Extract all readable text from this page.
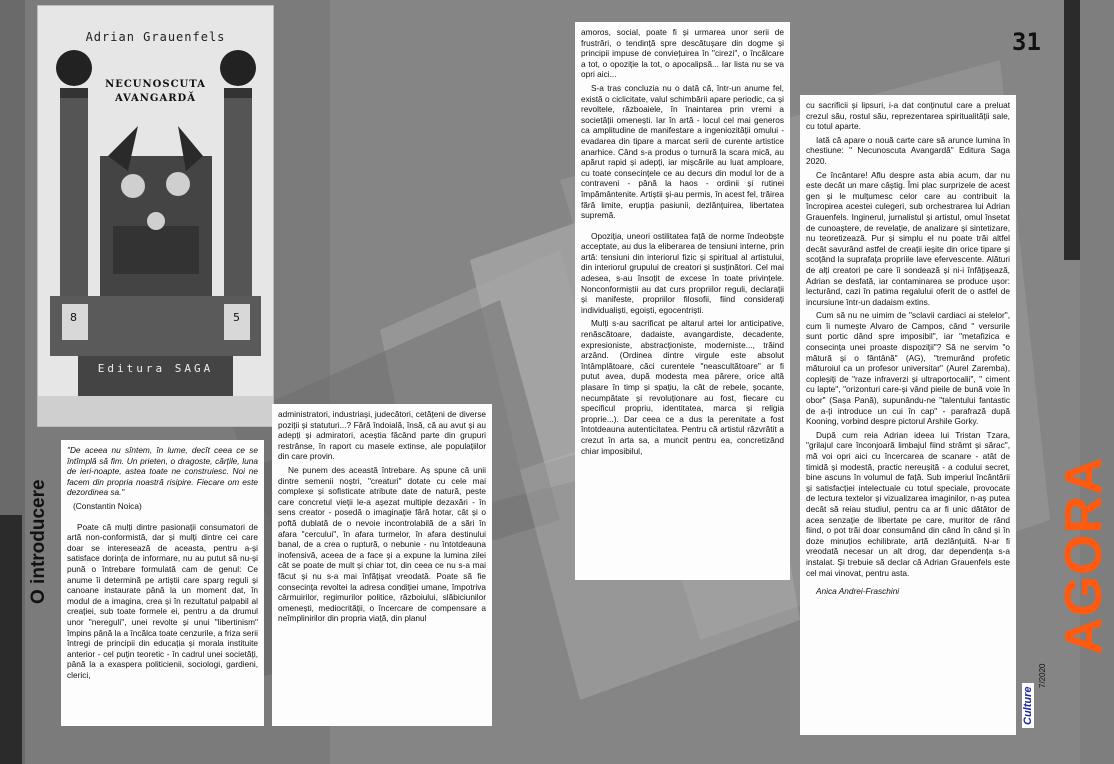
Adrian Grauenfels
NECUNOSCUTA
AVANGARDĂ
8	5
Editura SAGA
O introducere

"De aceea nu sîntem, în lume, decît ceea ce se întîmplă să fim. Un prieten, o dragoste, cărțile, luna de ieri-noapte, astea toate ne construiesc. Noi ne facem din propria noastră risipire. Fiecare om este dezordinea sa."

(Constantin Noica)

Poate că mulți dintre pasionații consumatori de artă non-conformistă, dar și mulți dintre cei care doar se interesează de aceasta, pentru a-și satisface dorința de informare, nu au putut să nu-și pună o întrebare formulată cam de genul: Ce anume îi determină pe artiștii care sparg reguli și canoane instaurate până la un moment dat, în modul de a imagina, crea și în rezultatul palpabil al creației, sub toate formele ei, pentru a da drumul unor "nereguli", unei revolte și unui "libertinism" împins până la a încălca toate cenzurile, a friza serii întregi de principii din educația și morala instituite anterior - cel puțin teoretic - în cadrul unei societăți, până la a exaspera politicienii, sociologi, gardieni, clerici,

administratori, industriași, judecători, cetățeni de diverse poziții și statuturi...? Fără îndoială, însă, că au avut și au adepți și admiratori, aceștia făcând parte din grupuri restrânse, în raport cu masele extinse, ale populațiilor din care provin.

Ne punem des această întrebare. Aș spune că unii dintre semenii noștri, "creaturi" dotate cu cele mai complexe și sofisticate atribute date de natură, peste care concretul vieții le-a așezat multiple dezaxări - în sens creator - posedă o imaginație fără hotar, cât și o poftă dublată de o nevoie incontrolabilă de a sări în afara "cercului", în afara turmelor, în afara destinului banal, de a crea o ruptură, o nebunie - nu întotdeauna inofensivă, aceea de a face și a expune la lumina zilei cât se poate de mult și chiar tot, din ceea ce nu s-a mai făcut și nu s-a mai înfățișat vreodată. Poate să fie consecința revoltei la adresa condiției umane, împotriva cârmuirilor, regimurilor politice, războiului, slăbiciunilor omenești, mediocrității, o încercare de compensare a neîmplinirilor din propria viață, din planul

amoros, social, poate fi și urmarea unor serii de frustrări, o tendință spre descătușare din dogme și principii impuse de conviețuirea în "cirezi", o încălcare a tot, o opoziție la tot, o apocalipsă... Iar lista nu se va opri aici...

S-a tras concluzia nu o dată că, într-un anume fel, există o ciclicitate, valul schimbării apare periodic, ca și revoltele, războaiele, în înaintarea prin vremi a societății omenești. Iar în artă - locul cel mai generos ca amplitudine de manifestare a ingeniozității omului - evadarea din tipare a marcat serii de curente artistice anarhice. Când s-a produs o turnură la scara mică, au apărut rapid și adepți, iar mișcările au luat amploare, cu toate consecințele ce au decurs din modul lor de a contraveni - până la haos - ordinii și rutinei împământenite. Artiștii și-au permis, în acest fel, trăirea fără limite, erupția pasiunii, dezlănțuirea, libertatea supremă.

Opoziția, uneori ostilitatea față de norme îndeobște acceptate, au dus la eliberarea de tensiuni interne, prin artă: tensiuni din interiorul fizic și spiritual al artistului, din interiorul grupului de creatori și susținători. Cel mai adesea, s-au însoțit de excese în toate privințele. Nonconformiștii au dat curs propriilor reguli, declarații și manifeste, propriilor filosofii, fiind considerați individualiști, egoiști, egocentriști.

Mulți s-au sacrificat pe altarul artei lor anticipative, renăscătoare, dadaiste, avangardiste, decadente, expresioniste, abstracționiste, moderniste..., trăind arzând. (Ordinea dintre virgule este absolut întâmplătoare, căci curentele "neascultătoare" ar fi putut avea, după modesta mea părere, orice altă plasare în timp și spațiu, la cât de rebele, șocante, necumpătate și revoluționare au fost, fiecare cu specificul propriu, identitatea, marca și religia proprie...). Dar ceea ce a dus la perenitate a fost întotdeauna autenticitatea. Pentru că artistul răzvrătit a crezut în arta sa, a muncit pentru ea, concretizând chiar imposibilul,

cu sacrificii și lipsuri, i-a dat conținutul care a preluat crezul său, rostul său, reprezentarea spiritualității sale, cu totul aparte.

Iată că apare o nouă carte care să arunce lumina în chestiune: " Necunoscuta Avangardă" Editura Saga 2020.

Ce încântare! Aflu despre asta abia acum, dar nu este decât un mare câștig. Îmi plac surprizele de acest gen și le mulțumesc celor care au contribuit la încropirea acestei culegeri, sub orchestrarea lui Adrian Grauenfels. Inginerul, jurnalistul și artistul, omul însetat de cunoaștere, de revelație, de analizare și sintetizare, nu teoretizează. Pur și simplu el nu poate trăi altfel decât savurând astfel de creații ieșite din orice tipare și scoțând la suprafața propriile lave efervescente. Alături de alți creatori pe care îi sondează și ni-i înfățișează, Adrian se desfată, iar contaminarea se produce ușor: lecturând, cazi în patima regalului oferit de o astfel de incursiune într-un dadaism extins.

Cum să nu ne uimim de "sclavii cardiaci ai stelelor", cum îi numește Alvaro de Campos, când " versurile sunt portic dând spre imposibil", iar "metafizica e consecința unei proaste dispoziții"? Să ne servim "o mătură și o fântână" (AG), "tremurând profetic măturoiul ca un profesor universitar" (Aurel Zaremba), copleșiți de "raze infraverzi și ultraportocalii", " ciment cu lapte", "orizonturi care-și vând pieile de bună voie în obor" (Sașa Pană), supunându-ne "talentului fantastic de a-ți introduce un cui în cap" - parafrază după Kooning, vorbind despre pictorul Arshile Gorky.

După cum reia Adrian ideea lui Tristan Tzara, "grilajul care înconjoară limbajul fiind strâmt și sărac", mă voi opri aici cu încercarea de scanare - atât de timidă și modestă, practic nereușită - a codului secret, bine ascuns în volumul de față. Sub imperiul încântării și satisfacției intelectuale cu totul speciale, provocate de lectura textelor și vizualizarea imaginilor, n-aș putea decât să reiau studiul, pentru ca ar fi unic dătător de acea senzație de libertate pe care, muritor de rând fiind, o pot trăi doar consumând din când în când și în doze minuțios echilibrate, artă dezlănțuită. N-ar fi vreodată necesar un alt drog, dar dependența s-a instalat. Și trebuie să declar că Adrian Grauenfels este cel mai vinovat, pentru asta.

Anica Andrei-Fraschini

31
AGORA
Culture
7/2020
